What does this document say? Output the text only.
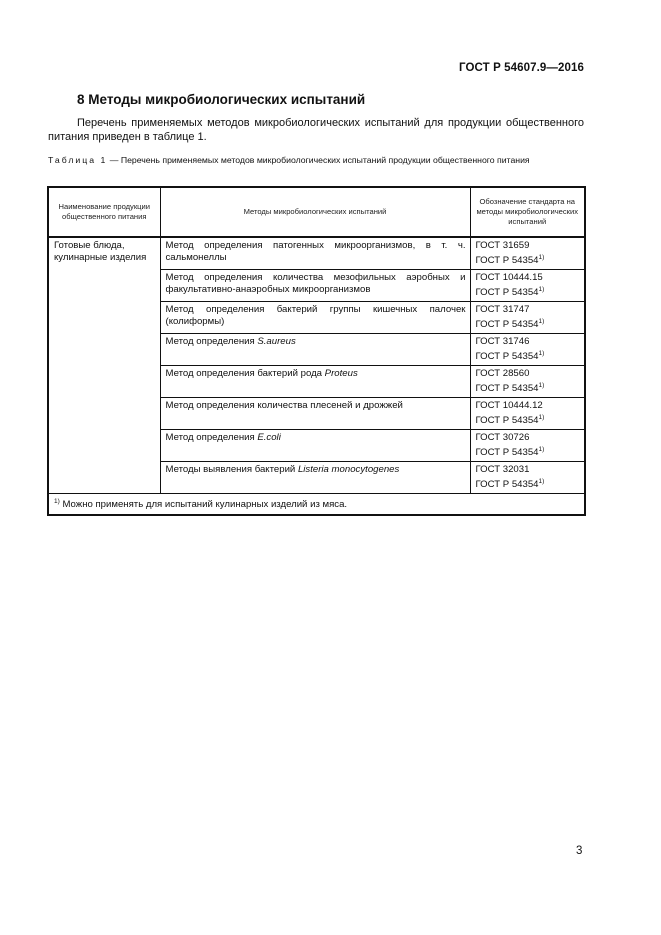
ГОСТ Р 54607.9—2016
8 Методы микробиологических испытаний

Перечень применяемых методов микробиологических испытаний для продукции общественного питания приведен в таблице 1.

Таблица 1 — Перечень применяемых методов микробиологических испытаний продукции общественного питания

Наименование продукции общественного питания	Методы микробиологических испытаний	Обозначение стандарта на методы микробиологических испытаний
Готовые блюда, кулинарные изделия	Метод определения патогенных микроорганизмов, в т. ч. сальмонеллы	ГОСТ 31659
ГОСТ Р 54354$^{1)}$

	Метод определения количества мезофильных аэробных и факультативно-анаэробных микроорганизмов	ГОСТ 10444.15
ГОСТ Р 54354$^{1)}$

	Метод определения бактерий группы кишечных палочек (колиформы)	ГОСТ 31747
ГОСТ Р 54354$^{1)}$

	Метод определения S.aureus	ГОСТ 31746
ГОСТ Р 54354$^{1)}$

	Метод определения бактерий рода Proteus	ГОСТ 28560
ГОСТ Р 54354$^{1)}$

	Метод определения количества плесеней и дрожжей	ГОСТ 10444.12
ГОСТ Р 54354$^{1)}$

	Метод определения E.coli	ГОСТ 30726
ГОСТ Р 54354$^{1)}$

	Методы выявления бактерий Listeria monocytogenes	ГОСТ 32031
ГОСТ Р 54354$^{1)}$

$^{1)}$ Можно применять для испытаний кулинарных изделий из мяса.		
3
